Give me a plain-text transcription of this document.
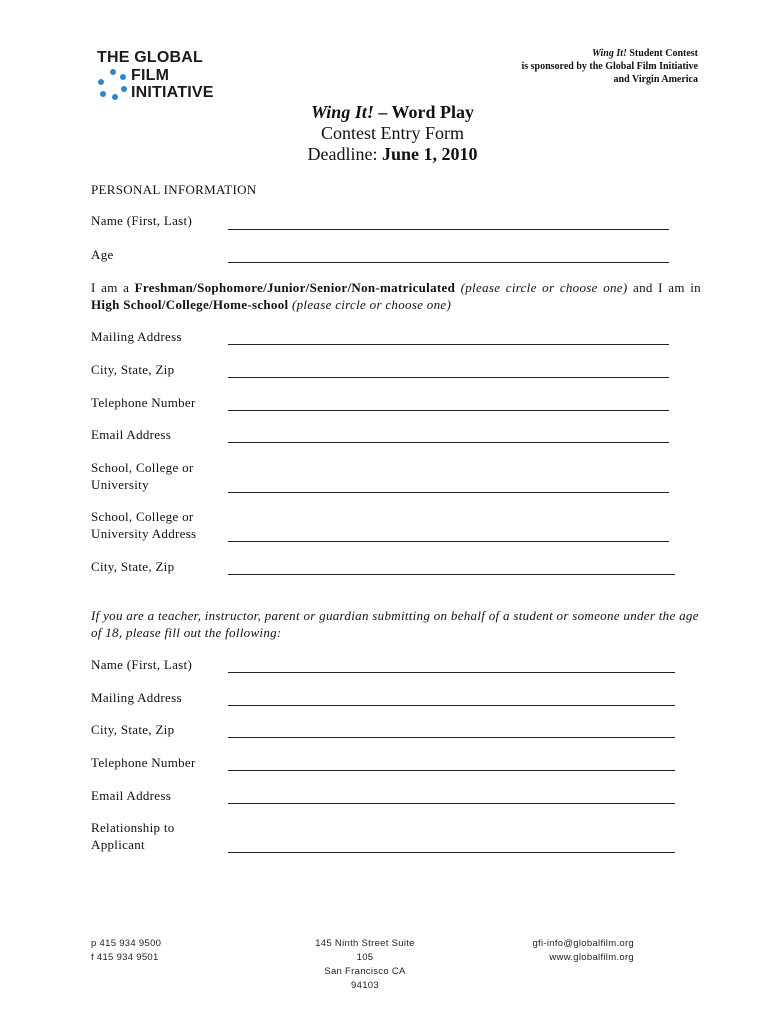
THE GLOBAL
FILM
INITIATIVE
Wing It! Student Contest
is sponsored by the Global Film Initiative
and Virgin America
Wing It! – Word Play
Contest Entry Form
Deadline: June 1, 2010
PERSONAL INFORMATION
Name (First, Last)
Age
I am a Freshman/Sophomore/Junior/Senior/Non-matriculated (please circle or choose one) and I am in High School/College/Home-school (please circle or choose one)
Mailing Address
City, State, Zip
Telephone Number
Email Address
School, College or
University
School, College or
University Address
City, State, Zip
If you are a teacher, instructor, parent or guardian submitting on behalf of a student or someone under the age of 18, please fill out the following:
Name (First, Last)
Mailing Address
City, State, Zip
Telephone Number
Email Address
Relationship to
Applicant
p 415 934 9500
f 415 934 9501
145 Ninth Street Suite 105
San Francisco CA 94103
gfi-info@globalfilm.org
www.globalfilm.org
